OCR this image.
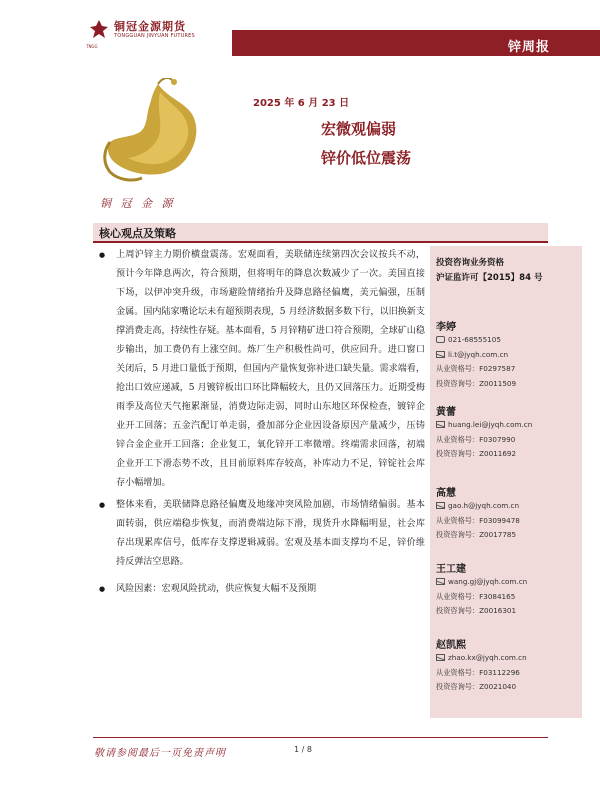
铜冠金源期货
TONGGUAN JINYUAN FUTURES
TNGG	锌周报
铜 冠 金 源
2025 年 6 月 23 日
宏微观偏弱
锌价低位震荡
核心观点及策略
● 上周沪锌主力期价横盘震荡。宏观面看，美联储连续第四次会议按兵不动，预计今年降息两次，符合预期，但将明年的降息次数减少了一次。美国直接下场，以伊冲突升级，市场避险情绪抬升及降息路径偏鹰，美元偏强，压制金属。国内陆家嘴论坛未有超预期表现，5 月经济数据多数下行，以旧换新支撑消费走高，持续性存疑。基本面看，5 月锌精矿进口符合预期，全球矿山稳步输出，加工费仍有上涨空间。炼厂生产积极性尚可，供应回升。进口窗口关闭后，5 月进口量低于预期，但国内产量恢复弥补进口缺失量。需求端看，抢出口效应递减，5 月镀锌板出口环比降幅较大，且仍又回落压力。近期受梅雨季及高位天气拖累渐显，消费边际走弱，同时山东地区环保检查，镀锌企业开工回落；五金汽配订单走弱，叠加部分企业因设备原因产量减少，压铸锌合金企业开工回落；企业复工，氧化锌开工率微增。终端需求回落，初端企业开工下滑态势不改，且目前原料库存较高，补库动力不足，锌锭社会库存小幅增加。
● 整体来看，美联储降息路径偏鹰及地缘冲突风险加剧，市场情绪偏弱。基本面转弱，供应端稳步恢复，而消费端边际下滑，现货升水降幅明显，社会库存出现累库信号，低库存支撑逻辑减弱。宏观及基本面支撑均不足，锌价维持反弹沽空思路。
● 风险因素：宏观风险扰动，供应恢复大幅不及预期
投资咨询业务资格
沪证监许可【2015】84 号
李婷
021-68555105
li.t@jyqh.com.cn
从业资格号：F0297587
投资咨询号：Z0011509
黄蕾
huang.lei@jyqh.com.cn
从业资格号：F0307990
投资咨询号：Z0011692
高慧
gao.h@jyqh.com.cn
从业资格号：F03099478
投资咨询号：Z0017785
王工建
wang.gj@jyqh.com.cn
从业资格号：F3084165
投资咨询号：Z0016301
赵凯熙
zhao.kx@jyqh.com.cn
从业资格号：F03112296
投资咨询号：Z0021040
敬请参阅最后一页免责声明	1 / 8
